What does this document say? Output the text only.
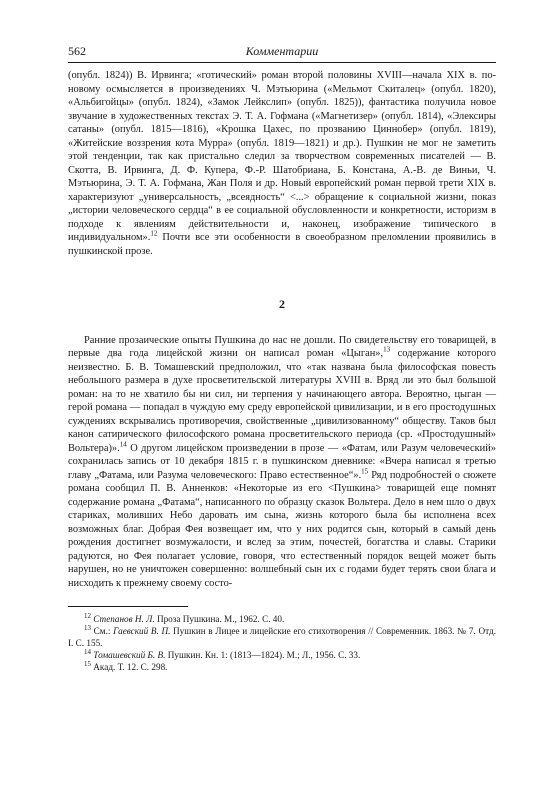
562	Комментарии

(опубл. 1824)) В. Ирвинга; «готический» роман второй половины XVIII—начала XIX в. по-новому осмысляется в произведениях Ч. Мэтьюрина («Мельмот Скиталец» (опубл. 1820), «Альбигойцы» (опубл. 1824), «Замок Лейкслип» (опубл. 1825)), фантастика получила новое звучание в художественных текстах Э. Т. А. Гофмана («Магнетизер» (опубл. 1814), «Элексиры сатаны» (опубл. 1815—1816), «Крошка Цахес, по прозванию Циннобер» (опубл. 1819), «Житейские воззрения кота Мурра» (опубл. 1819—1821) и др.). Пушкин не мог не заметить этой тенденции, так как пристально следил за творчеством современных писателей — В. Скотта, В. Ирвинга, Д. Ф. Купера, Ф.-Р. Шатобриана, Б. Констана, А.-В. де Виньи, Ч. Мэтьюрина, Э. Т. А. Гофмана, Жан Поля и др. Новый европейский роман первой трети XIX в. характеризуют „универсальность, „всеядность“ <...> обращение к социальной жизни, показ „истории человеческого сердца“ в ее социальной обусловленности и конкретности, историзм в подходе к явлениям действительности и, наконец, изображение типического в индивидуальном».$^{12}$ Почти все эти особенности в своеобразном преломлении проявились в пушкинской прозе.

2

Ранние прозаические опыты Пушкина до нас не дошли. По свидетельству его товарищей, в первые два года лицейской жизни он написал роман «Цыган»,$^{13}$ содержание которого неизвестно. Б. В. Томашевский предположил, что «так названа была философская повесть небольшого размера в духе просветительской литературы XVIII в. Вряд ли это был большой роман: на то не хватило бы ни сил, ни терпения у начинающего автора. Вероятно, цыган — герой романа — попадал в чуждую ему среду европейской цивилизации, и в его простодушных суждениях вскрывались противоречия, свойственные „цивилизованному“ обществу. Таков был канон сатирического философского романа просветительского периода (ср. «Простодушный» Вольтера)».$^{14}$ О другом лицейском произведении в прозе — «Фатам, или Разум человеческий» сохранилась запись от 10 декабря 1815 г. в пушкинском дневнике: «Вчера написал я третью главу „Фатама, или Разума человеческого: Право естественное“».$^{15}$ Ряд подробностей о сюжете романа сообщил П. В. Анненков: «Некоторые из его <Пушкина> товарищей еще помнят содержание романа „Фатама“, написанного по образцу сказок Вольтера. Дело в нем шло о двух стариках, моливших Небо даровать им сына, жизнь которого была бы исполнена всех возможных благ. Добрая Фея возвещает им, что у них родится сын, который в самый день рождения достигнет возмужалости, и вслед за этим, почестей, богатства и славы. Старики радуются, но Фея полагает условие, говоря, что естественный порядок вещей может быть нарушен, но не уничтожен совершенно: волшебный сын их с годами будет терять свои блага и нисходить к прежнему своему состо-

$^{12}$ Степанов Н. Л. Проза Пушкина. М., 1962. С. 40.
$^{13}$ См.: Гаевский В. П. Пушкин в Лицее и лицейские его стихотворения // Современник. 1863. № 7. Отд. I. С. 155.
$^{14}$ Томашевский Б. В. Пушкин. Кн. 1: (1813—1824). М.; Л., 1956. С. 33.
$^{15}$ Акад. Т. 12. С. 298.
